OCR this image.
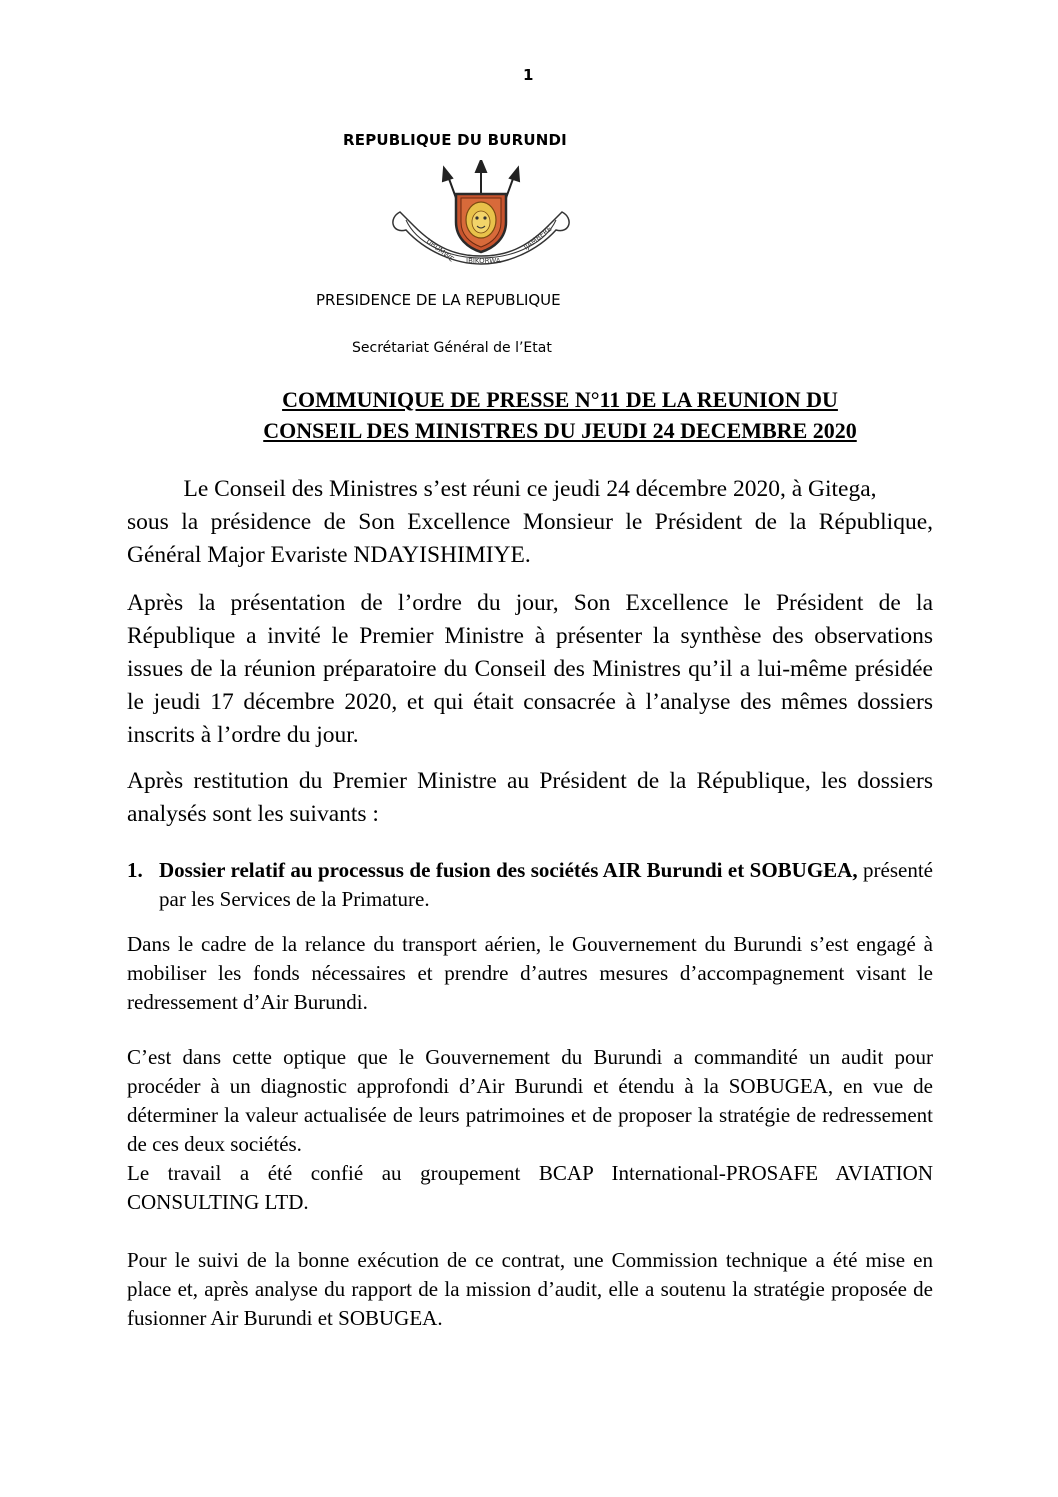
1
REPUBLIQUE DU BURUNDI
UBUMWE IBIKORWA
IJAMBERE
PRESIDENCE DE LA REPUBLIQUE
Secrétariat Général de l’Etat
COMMUNIQUE DE PRESSE N°11 DE LA REUNION DU
CONSEIL DES MINISTRES DU JEUDI 24 DECEMBRE 2020
Le Conseil des Ministres s’est réuni ce jeudi 24 décembre 2020, à Gitega,
sous la présidence de Son Excellence Monsieur le Président de la République, Général Major Evariste NDAYISHIMIYE.
Après la présentation de l’ordre du jour, Son Excellence le Président de la République a invité le Premier Ministre à présenter la synthèse des observations issues de la réunion préparatoire du Conseil des Ministres qu’il a lui-même présidée le jeudi 17 décembre 2020, et qui était consacrée à l’analyse des mêmes dossiers inscrits à l’ordre du jour.
Après restitution du Premier Ministre au Président de la République, les dossiers analysés sont les suivants :
1. Dossier relatif au processus de fusion des sociétés AIR Burundi et SOBUGEA, présenté par les Services de la Primature.
Dans le cadre de la relance du transport aérien, le Gouvernement du Burundi s’est engagé à mobiliser les fonds nécessaires et prendre d’autres mesures d’accompagnement visant le redressement d’Air Burundi.
C’est dans cette optique que le Gouvernement du Burundi a commandité un audit pour procéder à un diagnostic approfondi d’Air Burundi et étendu à la SOBUGEA, en vue de déterminer la valeur actualisée de leurs patrimoines et de proposer la stratégie de redressement de ces deux sociétés.
Le travail a été confié au groupement BCAP International-PROSAFE AVIATION CONSULTING LTD.
Pour le suivi de la bonne exécution de ce contrat, une Commission technique a été mise en place et, après analyse du rapport de la mission d’audit, elle a soutenu la stratégie proposée de fusionner Air Burundi et SOBUGEA.
